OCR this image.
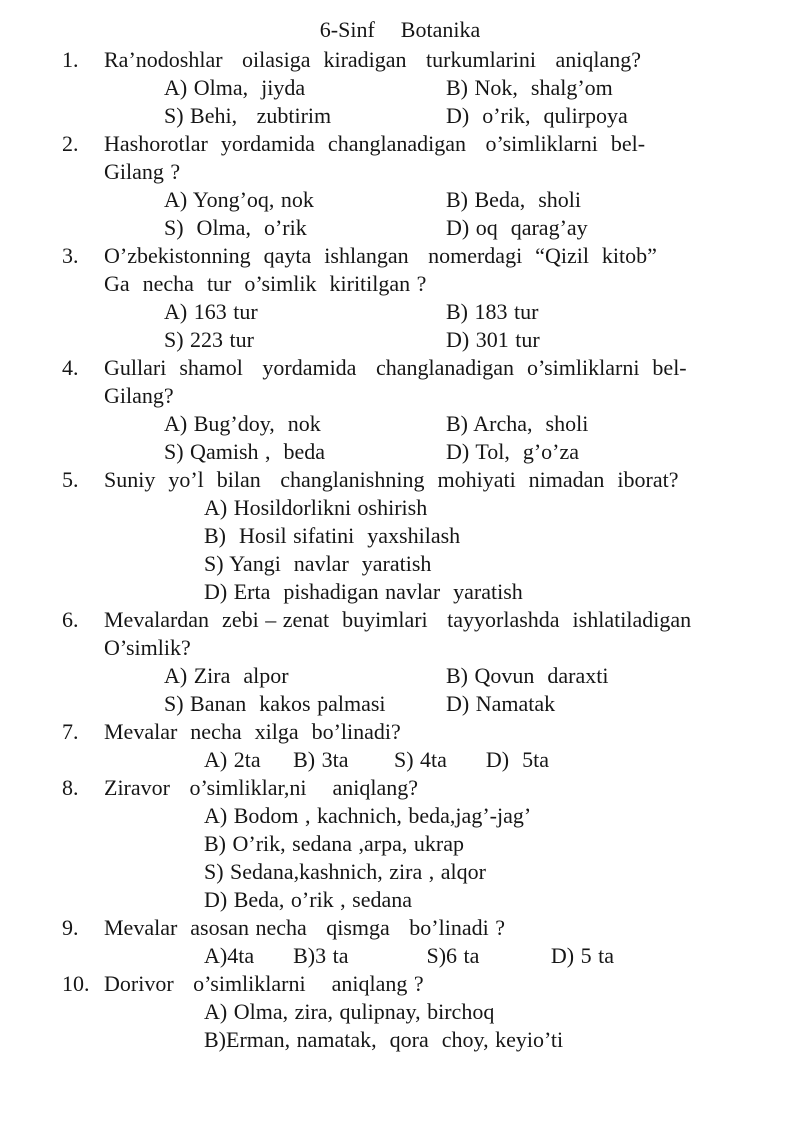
6-Sinf    Botanika
1.	Ra’nodoshlar   oilasiga  kiradigan   turkumlarini   aniqlang?
A) Olma,  jiyda	B) Nok,  shalg’om
S) Behi,   zubtirim	D)  o’rik,  qulirpoya
2.	Hashorotlar  yordamida  changlanadigan   o’simliklarni  bel-
Gilang ?
A) Yong’oq, nok	B) Beda,  sholi
S)  Olma,  o’rik	D) oq  qarag’ay
3.	O’zbekistonning  qayta  ishlangan   nomerdagi  “Qizil  kitob”
Ga  necha  tur  o’simlik  kiritilgan ?
A) 163 tur	B) 183 tur
S) 223 tur	D) 301 tur
4.	Gullari  shamol   yordamida   changlanadigan  o’simliklarni  bel-
Gilang?
A) Bug’doy,  nok	B) Archa,  sholi
S) Qamish ,  beda	D) Tol,  g’o’za
5.	Suniy  yo’l  bilan   changlanishning  mohiyati  nimadan  iborat?
A) Hosildorlikni oshirish
B)  Hosil sifatini  yaxshilash
S) Yangi  navlar  yaratish
D) Erta  pishadigan navlar  yaratish
6.	Mevalardan  zebi – zenat  buyimlari   tayyorlashda  ishlatiladigan
O’simlik?
A) Zira  alpor	B) Qovun  daraxti
S) Banan  kakos palmasi	D) Namatak
7.	Mevalar  necha  xilga  bo’linadi?
A) 2ta     B) 3ta       S) 4ta      D)  5ta
8.	Ziravor   o’simliklar,ni    aniqlang?
A) Bodom , kachnich, beda,jag’-jag’
B) O’rik, sedana ,arpa, ukrap
S) Sedana,kashnich, zira , alqor
D) Beda, o’rik , sedana
9.	Mevalar  asosan necha   qismga   bo’linadi ?
A)4ta      B)3 ta            S)6 ta           D) 5 ta
10. Dorivor   o’simliklarni    aniqlang ?
A) Olma, zira, qulipnay, birchoq
B)Erman, namatak,  qora  choy, keyio’ti
